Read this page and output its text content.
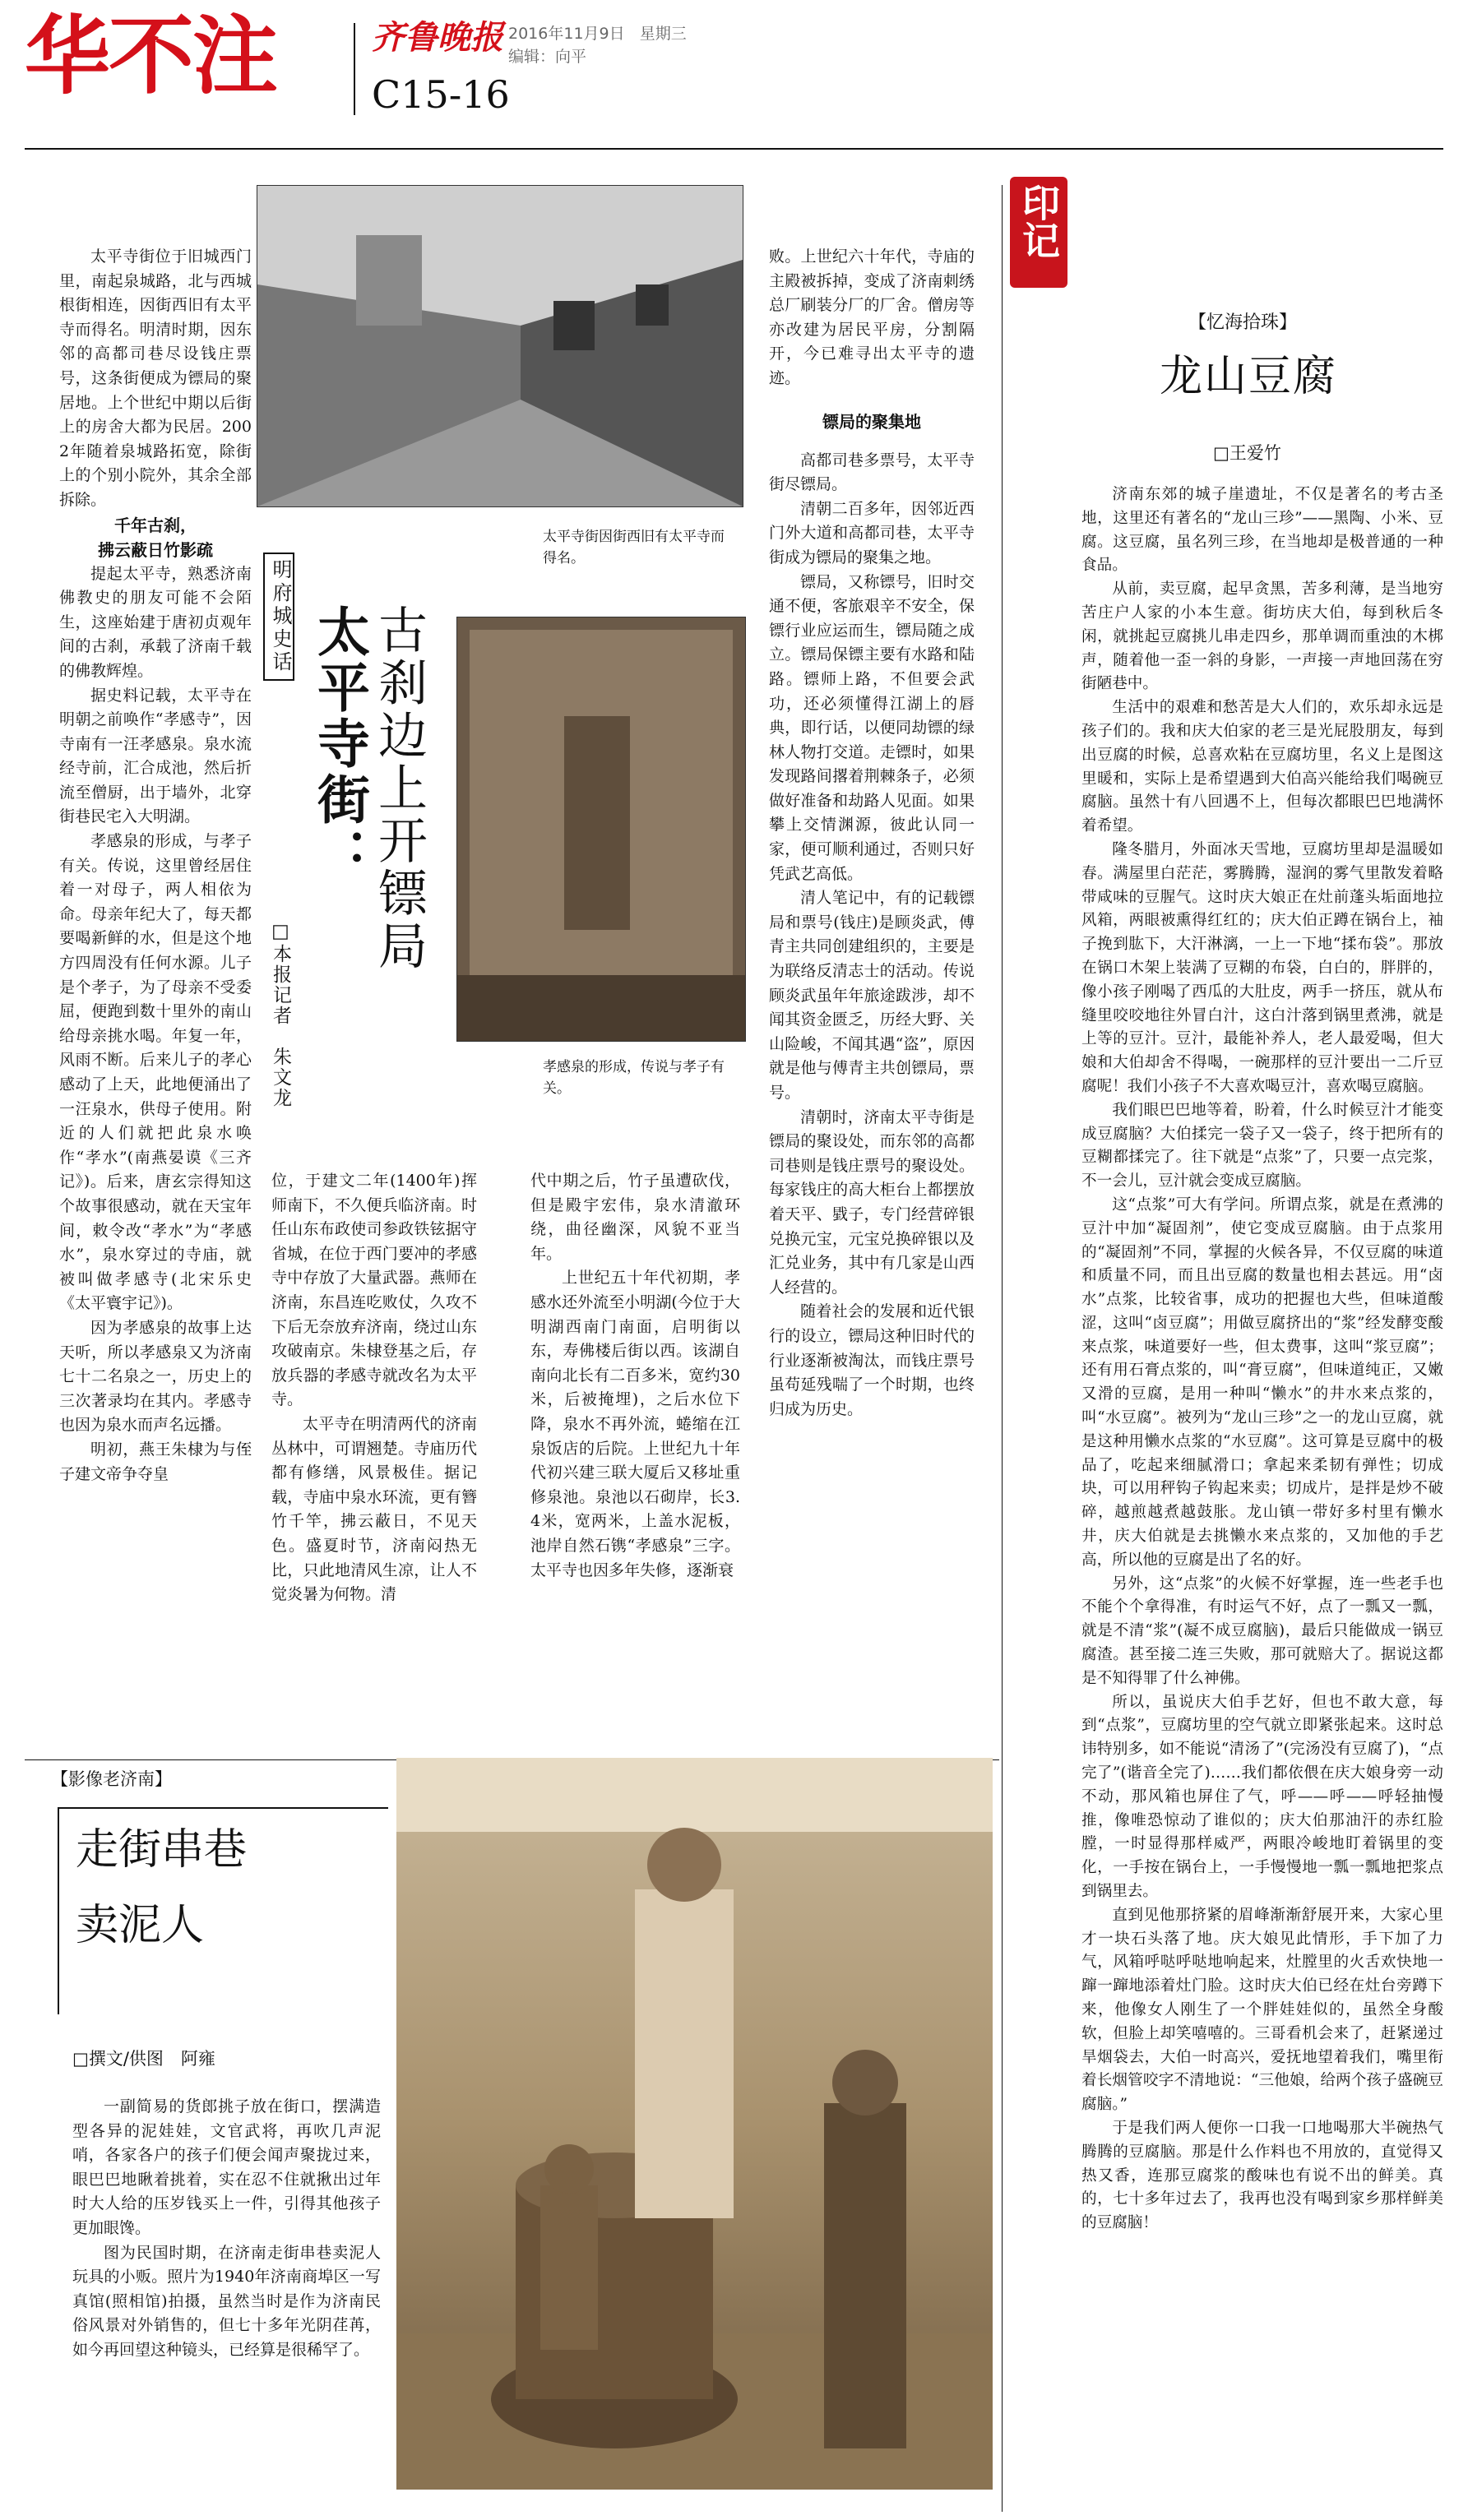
华不注	齐鲁晚报 2016年11月9日 星期三
编辑：向平
C15-16

太平寺街位于旧城西门里，南起泉城路，北与西城根街相连，因街西旧有太平寺而得名。明清时期，因东邻的高都司巷尽设钱庄票号，这条街便成为镖局的聚居地。上个世纪中期以后街上的房舍大都为民居。2002年随着泉城路拓宽，除街上的个别小院外，其余全部拆除。

千年古刹，
拂云蔽日竹影疏

提起太平寺，熟悉济南佛教史的朋友可能不会陌生，这座始建于唐初贞观年间的古刹，承载了济南千载的佛教辉煌。

据史料记载，太平寺在明朝之前唤作“孝感寺”，因寺南有一汪孝感泉。泉水流经寺前，汇合成池，然后折流至僧厨，出于墙外，北穿街巷民宅入大明湖。

孝感泉的形成，与孝子有关。传说，这里曾经居住着一对母子，两人相依为命。母亲年纪大了，每天都要喝新鲜的水，但是这个地方四周没有任何水源。儿子是个孝子，为了母亲不受委屈，便跑到数十里外的南山给母亲挑水喝。年复一年，风雨不断。后来儿子的孝心感动了上天，此地便涌出了一汪泉水，供母子使用。附近的人们就把此泉水唤作“孝水”(南燕晏谟《三齐记》)。后来，唐玄宗得知这个故事很感动，就在天宝年间，敕令改“孝水”为“孝感水”，泉水穿过的寺庙，就被叫做孝感寺(北宋乐史《太平寰宇记》)。

因为孝感泉的故事上达天听，所以孝感泉又为济南七十二名泉之一，历史上的三次著录均在其内。孝感寺也因为泉水而声名远播。

明初，燕王朱棣为与侄子建文帝争夺皇

太平寺街因街西旧有太平寺而得名。
明府城史话 古刹边上开镖局
太平寺街：
□本报记者　朱文龙	孝感泉的形成，传说与孝子有关。

位，于建文二年(1400年)挥师南下，不久便兵临济南。时任山东布政使司参政铁铉据守省城，在位于西门要冲的孝感寺中存放了大量武器。燕师在济南，东昌连吃败仗，久攻不下后无奈放弃济南，绕过山东攻破南京。朱棣登基之后，存放兵器的孝感寺就改名为太平寺。

太平寺在明清两代的济南丛林中，可谓翘楚。寺庙历代都有修缮，风景极佳。据记载，寺庙中泉水环流，更有簪竹千竿，拂云蔽日，不见天色。盛夏时节，济南闷热无比，只此地清风生凉，让人不觉炎暑为何物。清

代中期之后，竹子虽遭砍伐，但是殿宇宏伟，泉水清澈环绕，曲径幽深，风貌不亚当年。

上世纪五十年代初期，孝感水还外流至小明湖(今位于大明湖西南门南面，启明街以东，寿佛楼后街以西。该湖自南向北长有二百多米，宽约30米，后被掩埋)，之后水位下降，泉水不再外流，蜷缩在江泉饭店的后院。上世纪九十年代初兴建三联大厦后又移址重修泉池。泉池以石砌岸，长3.4米，宽两米，上盖水泥板，池岸自然石镌“孝感泉”三字。太平寺也因多年失修，逐渐衰

败。上世纪六十年代，寺庙的主殿被拆掉，变成了济南刺绣总厂刷装分厂的厂舍。僧房等亦改建为居民平房，分割隔开，今已难寻出太平寺的遗迹。

镖局的聚集地

高都司巷多票号，太平寺街尽镖局。

清朝二百多年，因邻近西门外大道和高都司巷，太平寺街成为镖局的聚集之地。

镖局，又称镖号，旧时交通不便，客旅艰辛不安全，保镖行业应运而生，镖局随之成立。镖局保镖主要有水路和陆路。镖师上路，不但要会武功，还必须懂得江湖上的唇典，即行话，以便同劫镖的绿林人物打交道。走镖时，如果发现路间撂着荆棘条子，必须做好准备和劫路人见面。如果攀上交情渊源，彼此认同一家，便可顺利通过，否则只好凭武艺高低。

清人笔记中，有的记载镖局和票号(钱庄)是顾炎武，傅青主共同创建组织的，主要是为联络反清志士的活动。传说顾炎武虽年年旅途跋涉，却不闻其资金匮乏，历经大野、关山险峻，不闻其遇“盗”，原因就是他与傅青主共创镖局，票号。

清朝时，济南太平寺街是镖局的聚设处，而东邻的高都司巷则是钱庄票号的聚设处。每家钱庄的高大柜台上都摆放着天平、戥子，专门经营碎银兑换元宝，元宝兑换碎银以及汇兑业务，其中有几家是山西人经营的。

随着社会的发展和近代银行的设立，镖局这种旧时代的行业逐渐被淘汰，而钱庄票号虽苟延残喘了一个时期，也终归成为历史。

印记
【忆海拾珠】
龙山豆腐
□王爱竹

济南东郊的城子崖遗址，不仅是著名的考古圣地，这里还有著名的“龙山三珍”——黑陶、小米、豆腐。这豆腐，虽名列三珍，在当地却是极普通的一种食品。

从前，卖豆腐，起早贪黑，苦多利薄，是当地穷苦庄户人家的小本生意。街坊庆大伯，每到秋后冬闲，就挑起豆腐挑儿串走四乡，那单调而重浊的木梆声，随着他一歪一斜的身影，一声接一声地回荡在穷街陋巷中。

生活中的艰难和愁苦是大人们的，欢乐却永远是孩子们的。我和庆大伯家的老三是光屁股朋友，每到出豆腐的时候，总喜欢粘在豆腐坊里，名义上是图这里暖和，实际上是希望遇到大伯高兴能给我们喝碗豆腐脑。虽然十有八回遇不上，但每次都眼巴巴地满怀着希望。

隆冬腊月，外面冰天雪地，豆腐坊里却是温暖如春。满屋里白茫茫，雾腾腾，湿润的雾气里散发着略带咸味的豆腥气。这时庆大娘正在灶前蓬头垢面地拉风箱，两眼被熏得红红的；庆大伯正蹲在锅台上，袖子挽到肱下，大汗淋漓，一上一下地“揉布袋”。那放在锅口木架上装满了豆糊的布袋，白白的，胖胖的，像小孩子刚喝了西瓜的大肚皮，两手一挤压，就从布缝里咬咬地往外冒白汁，这白汁落到锅里煮沸，就是上等的豆汁。豆汁，最能补养人，老人最爱喝，但大娘和大伯却舍不得喝，一碗那样的豆汁要出一二斤豆腐呢！我们小孩子不大喜欢喝豆汁，喜欢喝豆腐脑。

我们眼巴巴地等着，盼着，什么时候豆汁才能变成豆腐脑？大伯揉完一袋子又一袋子，终于把所有的豆糊都揉完了。往下就是“点浆”了，只要一点完浆，不一会儿，豆汁就会变成豆腐脑。

这“点浆”可大有学问。所谓点浆，就是在煮沸的豆汁中加“凝固剂”，使它变成豆腐脑。由于点浆用的“凝固剂”不同，掌握的火候各异，不仅豆腐的味道和质量不同，而且出豆腐的数量也相去甚远。用“卤水”点浆，比较省事，成功的把握也大些，但味道酸涩，这叫“卤豆腐”；用做豆腐挤出的“浆”经发酵变酸来点浆，味道要好一些，但太费事，这叫“浆豆腐”；还有用石膏点浆的，叫“膏豆腐”，但味道纯正，又嫩又滑的豆腐，是用一种叫“懒水”的井水来点浆的，叫“水豆腐”。被列为“龙山三珍”之一的龙山豆腐，就是这种用懒水点浆的“水豆腐”。这可算是豆腐中的极品了，吃起来细腻滑口；拿起来柔韧有弹性；切成块，可以用秤钩子钩起来卖；切成片，是拌是炒不破碎，越煎越煮越鼓胀。龙山镇一带好多村里有懒水井，庆大伯就是去挑懒水来点浆的，又加他的手艺高，所以他的豆腐是出了名的好。

另外，这“点浆”的火候不好掌握，连一些老手也不能个个拿得准，有时运气不好，点了一瓢又一瓢，就是不清“浆”(凝不成豆腐脑)，最后只能做成一锅豆腐渣。甚至接二连三失败，那可就赔大了。据说这都是不知得罪了什么神佛。

所以，虽说庆大伯手艺好，但也不敢大意，每到“点浆”，豆腐坊里的空气就立即紧张起来。这时总讳特别多，如不能说“清汤了”(完汤没有豆腐了)，“点完了”(谐音全完了)……我们都依偎在庆大娘身旁一动不动，那风箱也屏住了气，呼——呼——呼轻抽慢推，像唯恐惊动了谁似的；庆大伯那油汗的赤红脸膛，一时显得那样威严，两眼冷峻地盯着锅里的变化，一手按在锅台上，一手慢慢地一瓢一瓢地把浆点到锅里去。

直到见他那挤紧的眉峰渐渐舒展开来，大家心里才一块石头落了地。庆大娘见此情形，手下加了力气，风箱呼哒呼哒地响起来，灶膛里的火舌欢快地一蹿一蹿地添着灶门脸。这时庆大伯已经在灶台旁蹲下来，他像女人刚生了一个胖娃娃似的，虽然全身酸软，但脸上却笑嘻嘻的。三哥看机会来了，赶紧递过旱烟袋去，大伯一时高兴，爱抚地望着我们，嘴里衔着长烟管咬字不清地说：“三他娘，给两个孩子盛碗豆腐脑。”

于是我们两人便你一口我一口地喝那大半碗热气腾腾的豆腐脑。那是什么作料也不用放的，直觉得又热又香，连那豆腐浆的酸味也有说不出的鲜美。真的，七十多年过去了，我再也没有喝到家乡那样鲜美的豆腐脑！

【影像老济南】
走街串巷
卖泥人
□撰文/供图　阿雍

一副简易的货郎挑子放在街口，摆满造型各异的泥娃娃，文官武将，再吹几声泥哨，各家各户的孩子们便会闻声聚拢过来，眼巴巴地瞅着挑着，实在忍不住就揪出过年时大人给的压岁钱买上一件，引得其他孩子更加眼馋。

图为民国时期，在济南走街串巷卖泥人玩具的小贩。照片为1940年济南商埠区一写真馆(照相馆)拍摄，虽然当时是作为济南民俗风景对外销售的，但七十多年光阴荏苒，如今再回望这种镜头，已经算是很稀罕了。
